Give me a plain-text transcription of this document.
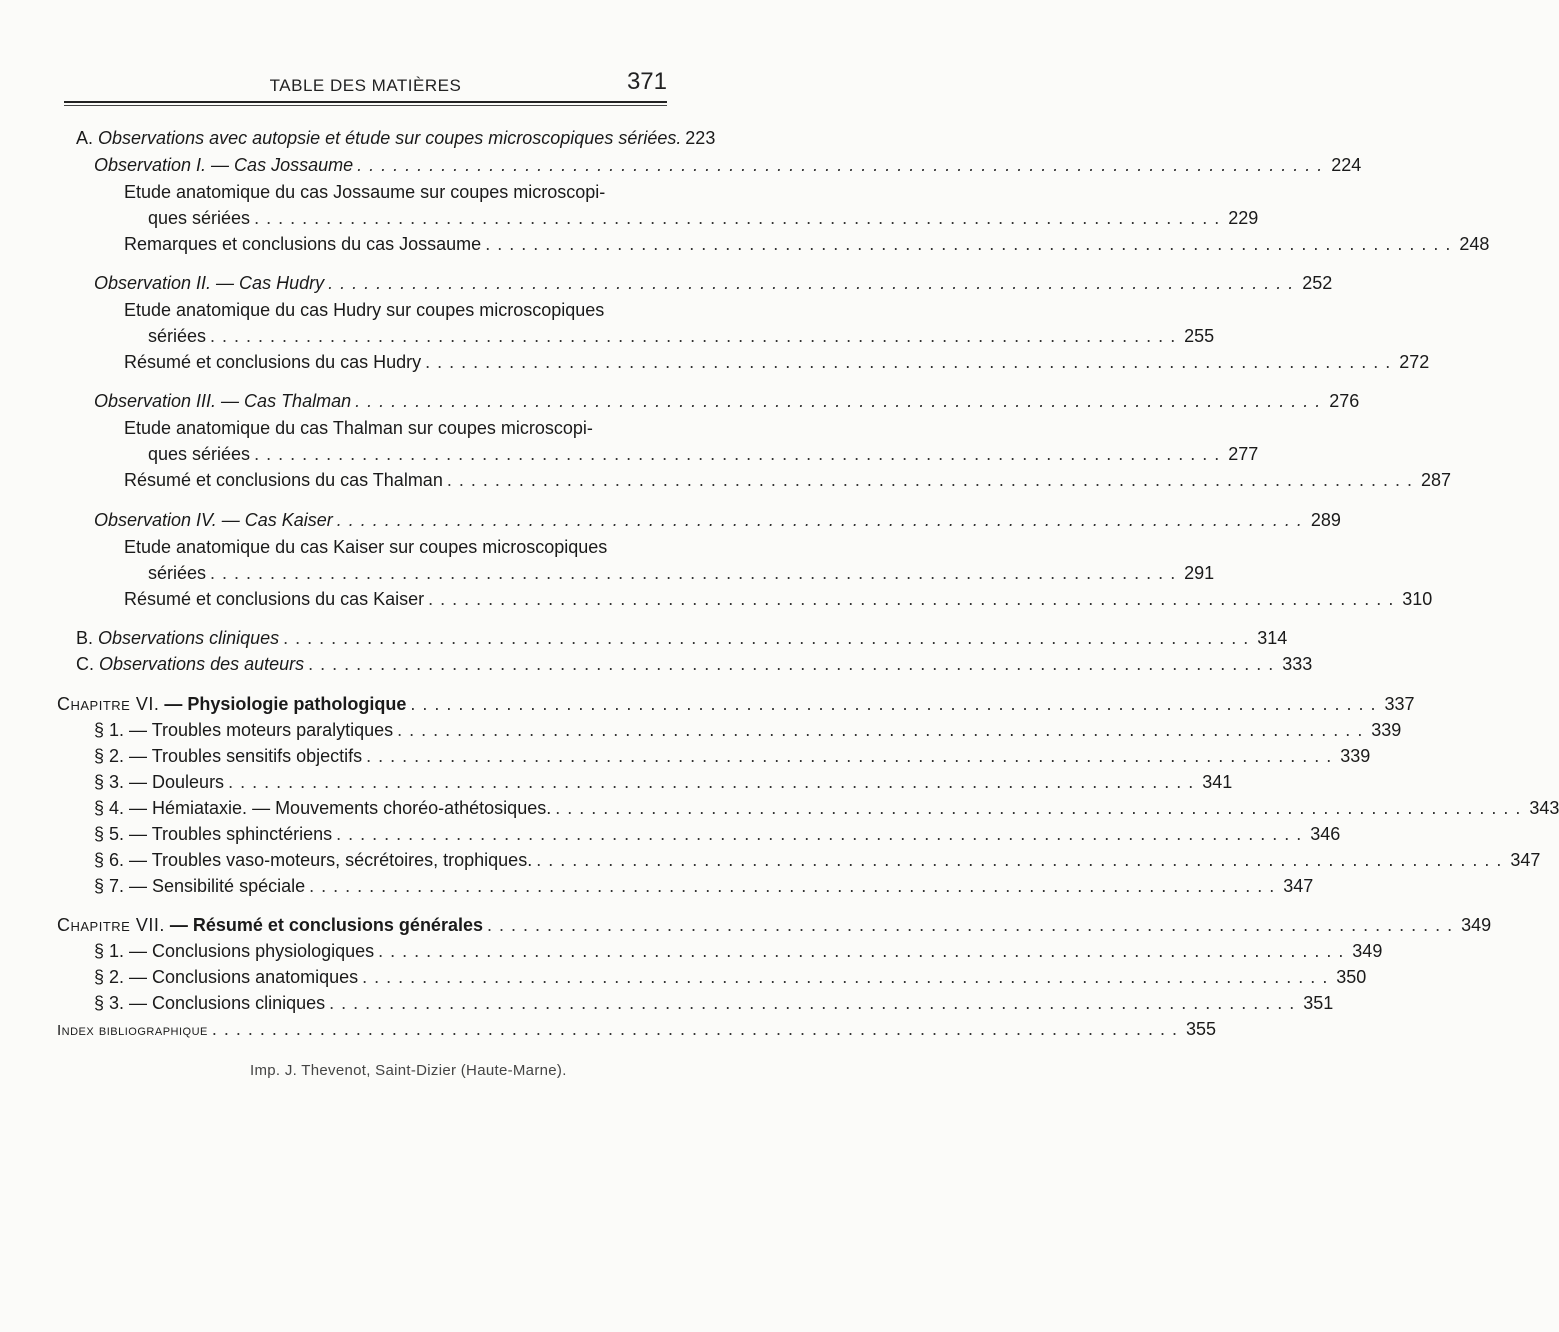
TABLE DES MATIÈRES	371
A. Observations avec autopsie et étude sur coupes microscopiques sériées. 223
Observation I. — Cas Jossaume . . .	224
Etude anatomique du cas Jossaume sur coupes microscopi-
ques sériées . . .	229
Remarques et conclusions du cas Jossaume . . .	248
Observation II. — Cas Hudry . . .	252
Etude anatomique du cas Hudry sur coupes microscopiques
sériées . . .	255
Résumé et conclusions du cas Hudry . . .	272
Observation III. — Cas Thalman . . .	276
Etude anatomique du cas Thalman sur coupes microscopi-
ques sériées . . .	277
Résumé et conclusions du cas Thalman . . .	287
Observation IV. — Cas Kaiser . . .	289
Etude anatomique du cas Kaiser sur coupes microscopiques
sériées . . .	291
Résumé et conclusions du cas Kaiser . . .	310
B. Observations cliniques . . .	314
C. Observations des auteurs . . .	333
Chapitre VI. — Physiologie pathologique . . .	337
§ 1. — Troubles moteurs paralytiques . . .	339
§ 2. — Troubles sensitifs objectifs . . .	339
§ 3. — Douleurs . . .	341
§ 4. — Hémiataxie. — Mouvements choréo-athétosiques. . . .	343
§ 5. — Troubles sphinctériens . . .	346
§ 6. — Troubles vaso-moteurs, sécrétoires, trophiques. . . .	347
§ 7. — Sensibilité spéciale . . .	347
Chapitre VII. — Résumé et conclusions générales . . .	349
§ 1. — Conclusions physiologiques . . .	349
§ 2. — Conclusions anatomiques . . .	350
§ 3. — Conclusions cliniques . . .	351
Index bibliographique . . .	355
Imp. J. Thevenot, Saint-Dizier (Haute-Marne).
